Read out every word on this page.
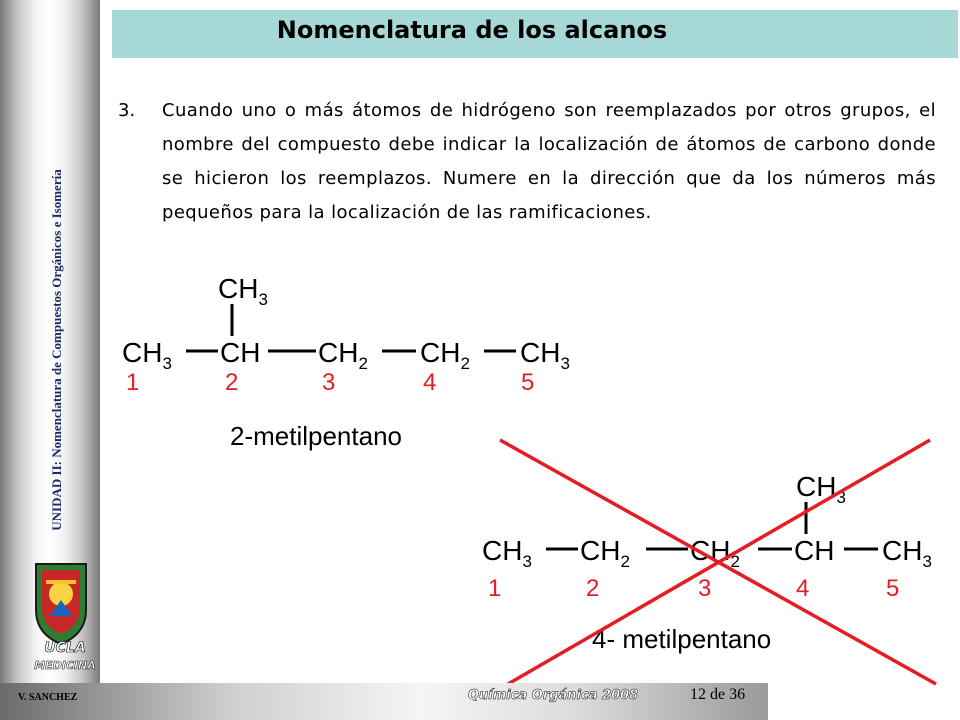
UNIDAD II: Nomenclatura de Compuestos Orgánicos e Isomería
UCLA
MEDICINA
Nomenclatura de los alcanos
3. Cuando uno o más átomos de hidrógeno son reemplazados por otros grupos, el nombre del compuesto debe indicar la localización de átomos de carbono donde se hicieron los reemplazos. Numere en la dirección que da los números más pequeños para la localización de las ramificaciones.
$CH_3$
$CH_3$ CH $CH_2$ $CH_2$ $CH_3$
1	2	3	4	5
2-metilpentano
$CH_3$
$CH_3$ $CH_2$ $CH_2$ CH $CH_3$
1	2	3	4	5
4- metilpentano
V. SANCHEZ	Química Orgánica 2008	12 de 36
